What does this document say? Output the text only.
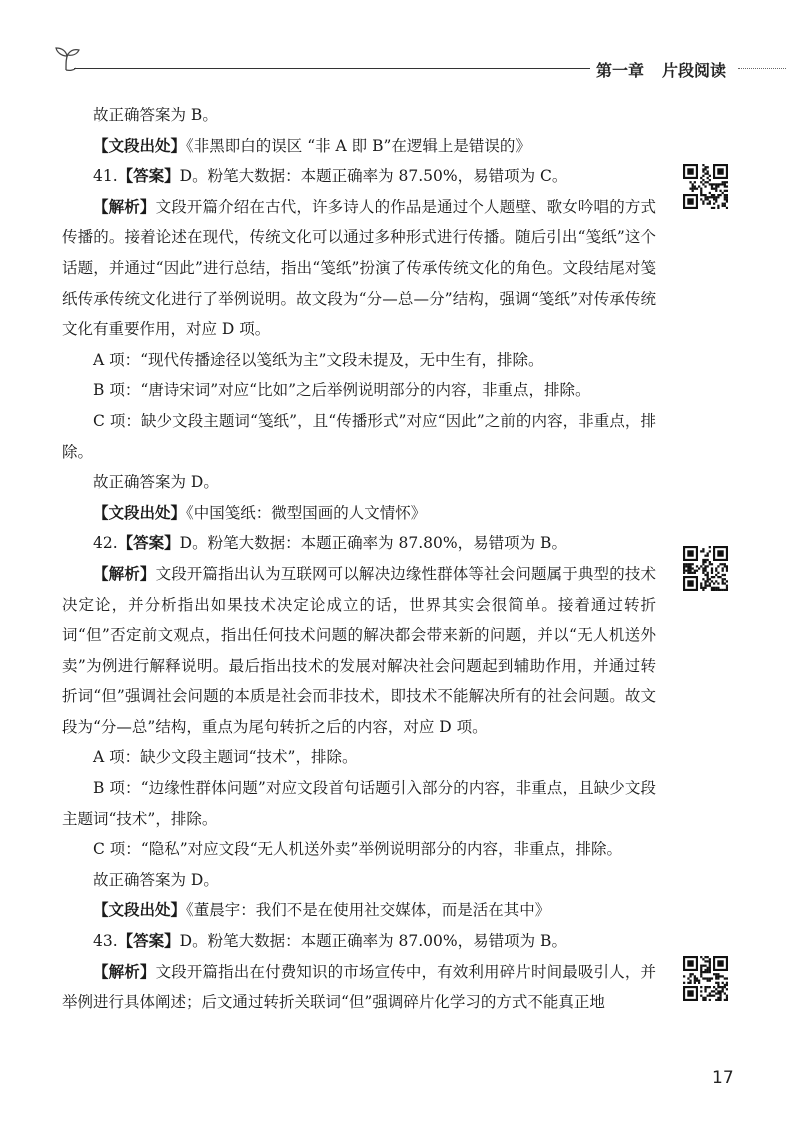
第一章 片段阅读

故正确答案为 B。

【文段出处】《非黑即白的误区 “非 A 即 B”在逻辑上是错误的》

41.【答案】D。粉笔大数据：本题正确率为 87.50%，易错项为 C。

【解析】文段开篇介绍在古代，许多诗人的作品是通过个人题壁、歌女吟唱的方式传播的。接着论述在现代，传统文化可以通过多种形式进行传播。随后引出“笺纸”这个话题，并通过“因此”进行总结，指出“笺纸”扮演了传承传统文化的角色。文段结尾对笺纸传承传统文化进行了举例说明。故文段为“分—总—分”结构，强调“笺纸”对传承传统文化有重要作用，对应 D 项。

A 项：“现代传播途径以笺纸为主”文段未提及，无中生有，排除。

B 项：“唐诗宋词”对应“比如”之后举例说明部分的内容，非重点，排除。

C 项：缺少文段主题词“笺纸”，且“传播形式”对应“因此”之前的内容，非重点，排除。

故正确答案为 D。

【文段出处】《中国笺纸：微型国画的人文情怀》

42.【答案】D。粉笔大数据：本题正确率为 87.80%，易错项为 B。

【解析】文段开篇指出认为互联网可以解决边缘性群体等社会问题属于典型的技术决定论，并分析指出如果技术决定论成立的话，世界其实会很简单。接着通过转折词“但”否定前文观点，指出任何技术问题的解决都会带来新的问题，并以“无人机送外卖”为例进行解释说明。最后指出技术的发展对解决社会问题起到辅助作用，并通过转折词“但”强调社会问题的本质是社会而非技术，即技术不能解决所有的社会问题。故文段为“分—总”结构，重点为尾句转折之后的内容，对应 D 项。

A 项：缺少文段主题词“技术”，排除。

B 项：“边缘性群体问题”对应文段首句话题引入部分的内容，非重点，且缺少文段主题词“技术”，排除。

C 项：“隐私”对应文段“无人机送外卖”举例说明部分的内容，非重点，排除。

故正确答案为 D。

【文段出处】《董晨宇：我们不是在使用社交媒体，而是活在其中》

43.【答案】D。粉笔大数据：本题正确率为 87.00%，易错项为 B。

【解析】文段开篇指出在付费知识的市场宣传中，有效利用碎片时间最吸引人，并举例进行具体阐述；后文通过转折关联词“但”强调碎片化学习的方式不能真正地

17
